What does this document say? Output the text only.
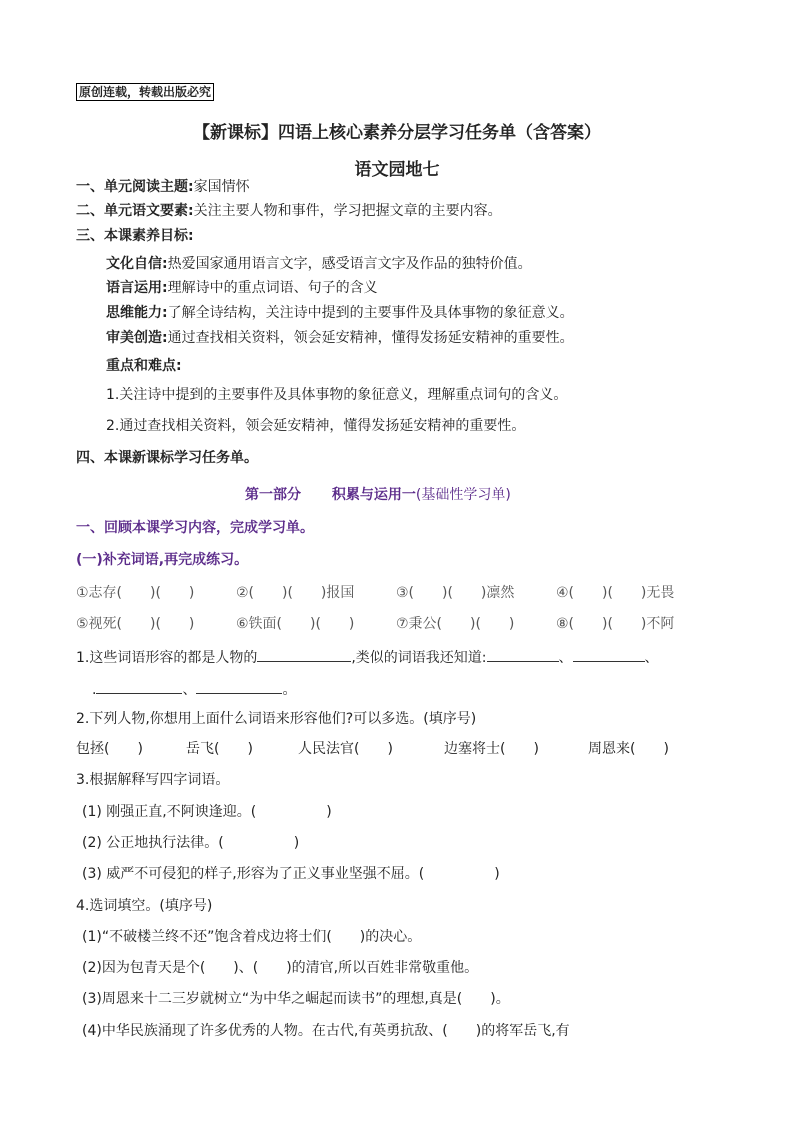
原创连载，转载出版必究
【新课标】四语上核心素养分层学习任务单（含答案）
语文园地七
一、单元阅读主题:家国情怀
二、单元语文要素:关注主要人物和事件，学习把握文章的主要内容。
三、本课素养目标:
文化自信:热爱国家通用语言文字，感受语言文字及作品的独特价值。
语言运用:理解诗中的重点词语、句子的含义
思维能力:了解全诗结构，关注诗中提到的主要事件及具体事物的象征意义。
审美创造:通过查找相关资料，领会延安精神，懂得发扬延安精神的重要性。
重点和难点:
1.关注诗中提到的主要事件及具体事物的象征意义，理解重点词句的含义。
2.通过查找相关资料，领会延安精神，懂得发扬延安精神的重要性。
四、本课新课标学习任务单。
第一部分 积累与运用一(基础性学习单)
一、回顾本课学习内容，完成学习单。
(一)补充词语,再完成练习。
①志存(　　)(　　)	②(　　)(　　)报国	③(　　)(　　)凛然	④(　　)(　　)无畏
⑤视死(　　)(　　)	⑥铁面(　　)(　　)	⑦秉公(　　)(　　)	⑧(　　)(　　)不阿
1.这些词语形容的都是人物的	,类似的词语我还知道:	、	、
.	、	。
2.下列人物,你想用上面什么词语来形容他们?可以多选。(填序号)
包拯(　　)	岳飞(　　)	人民法官(　　)	边塞将士(　　)	周恩来(　　)
3.根据解释写四字词语。
(1) 刚强正直,不阿谀逢迎。(　　　　　)
(2) 公正地执行法律。(　　　　　)
(3) 威严不可侵犯的样子,形容为了正义事业坚强不屈。(　　　　　)
4.选词填空。(填序号)
(1)“不破楼兰终不还”饱含着戍边将士们(　　)的决心。
(2)因为包青天是个(　　)、(　　)的清官,所以百姓非常敬重他。
(3)周恩来十二三岁就树立“为中华之崛起而读书”的理想,真是(　　)。
(4)中华民族涌现了许多优秀的人物。在古代,有英勇抗敌、(　　)的将军岳飞,有
